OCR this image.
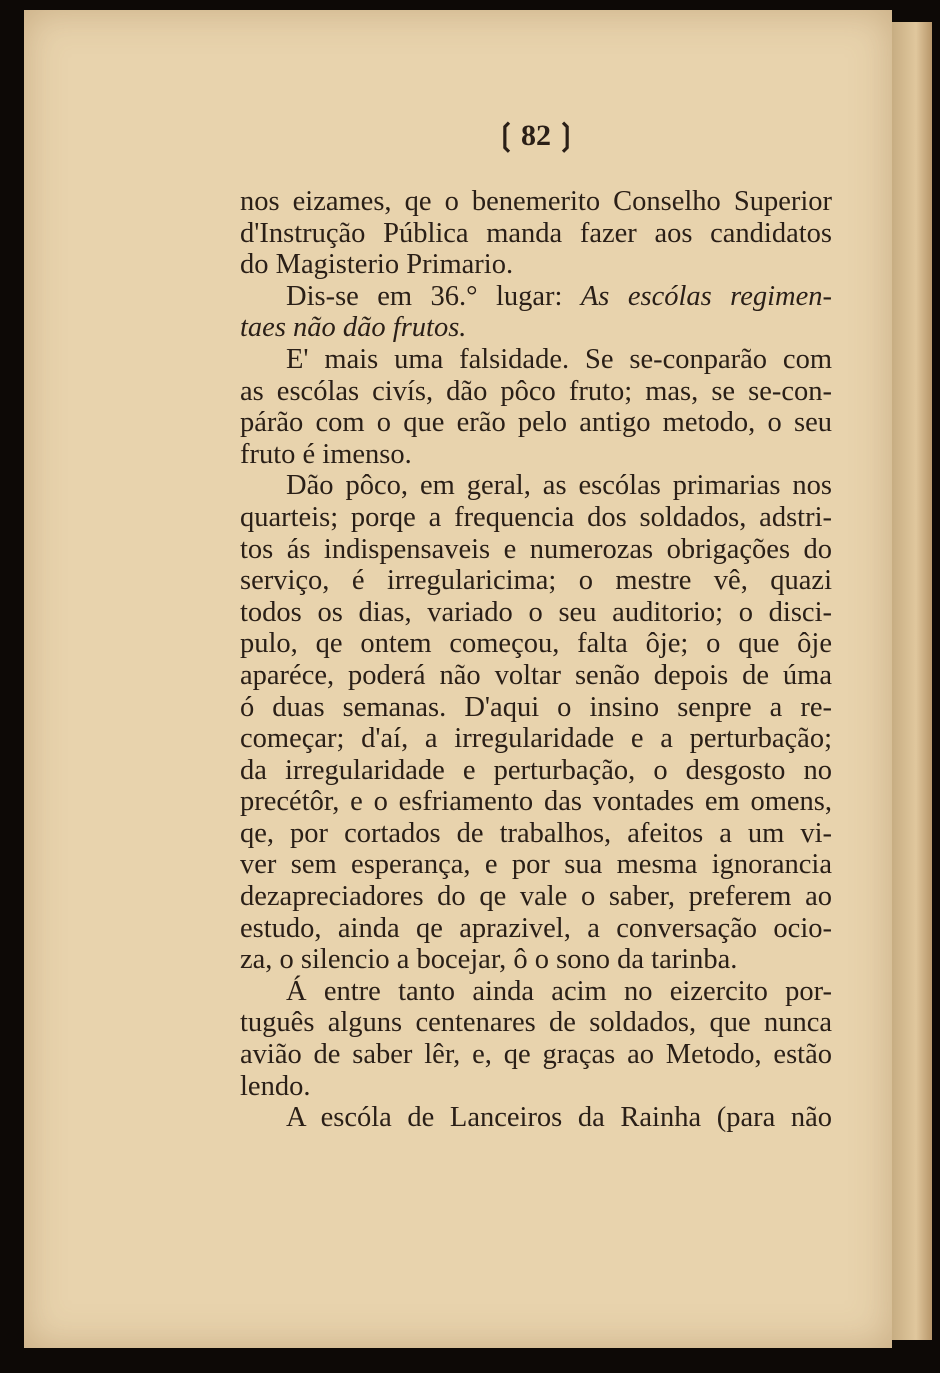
❲ 82 ❳
nos eizames, qe o benemerito Conselho Superior
d'Instrução Pública manda fazer aos candidatos
do Magisterio Primario.
Dis-se em 36.° lugar: As escólas regimen-
taes não dão frutos.
E' mais uma falsidade. Se se-conparão com
as escólas civís, dão pôco fruto; mas, se se-con-
párão com o que erão pelo antigo metodo, o seu
fruto é imenso.
Dão pôco, em geral, as escólas primarias nos
quarteis; porqe a frequencia dos soldados, adstri-
tos ás indispensaveis e numerozas obrigações do
serviço, é irregularicima; o mestre vê, quazi
todos os dias, variado o seu auditorio; o disci-
pulo, qe ontem começou, falta ôje; o que ôje
aparéce, poderá não voltar senão depois de úma
ó duas semanas. D'aqui o insino senpre a re-
começar; d'aí, a irregularidade e a perturbação;
da irregularidade e perturbação, o desgosto no
precétôr, e o esfriamento das vontades em omens,
qe, por cortados de trabalhos, afeitos a um vi-
ver sem esperança, e por sua mesma ignorancia
dezapreciadores do qe vale o saber, preferem ao
estudo, ainda qe aprazivel, a conversação ocio-
za, o silencio a bocejar, ô o sono da tarinba.
Á entre tanto ainda acim no eizercito por-
tuguês alguns centenares de soldados, que nunca
avião de saber lêr, e, qe graças ao Metodo, estão
lendo.
A escóla de Lanceiros da Rainha (para não
